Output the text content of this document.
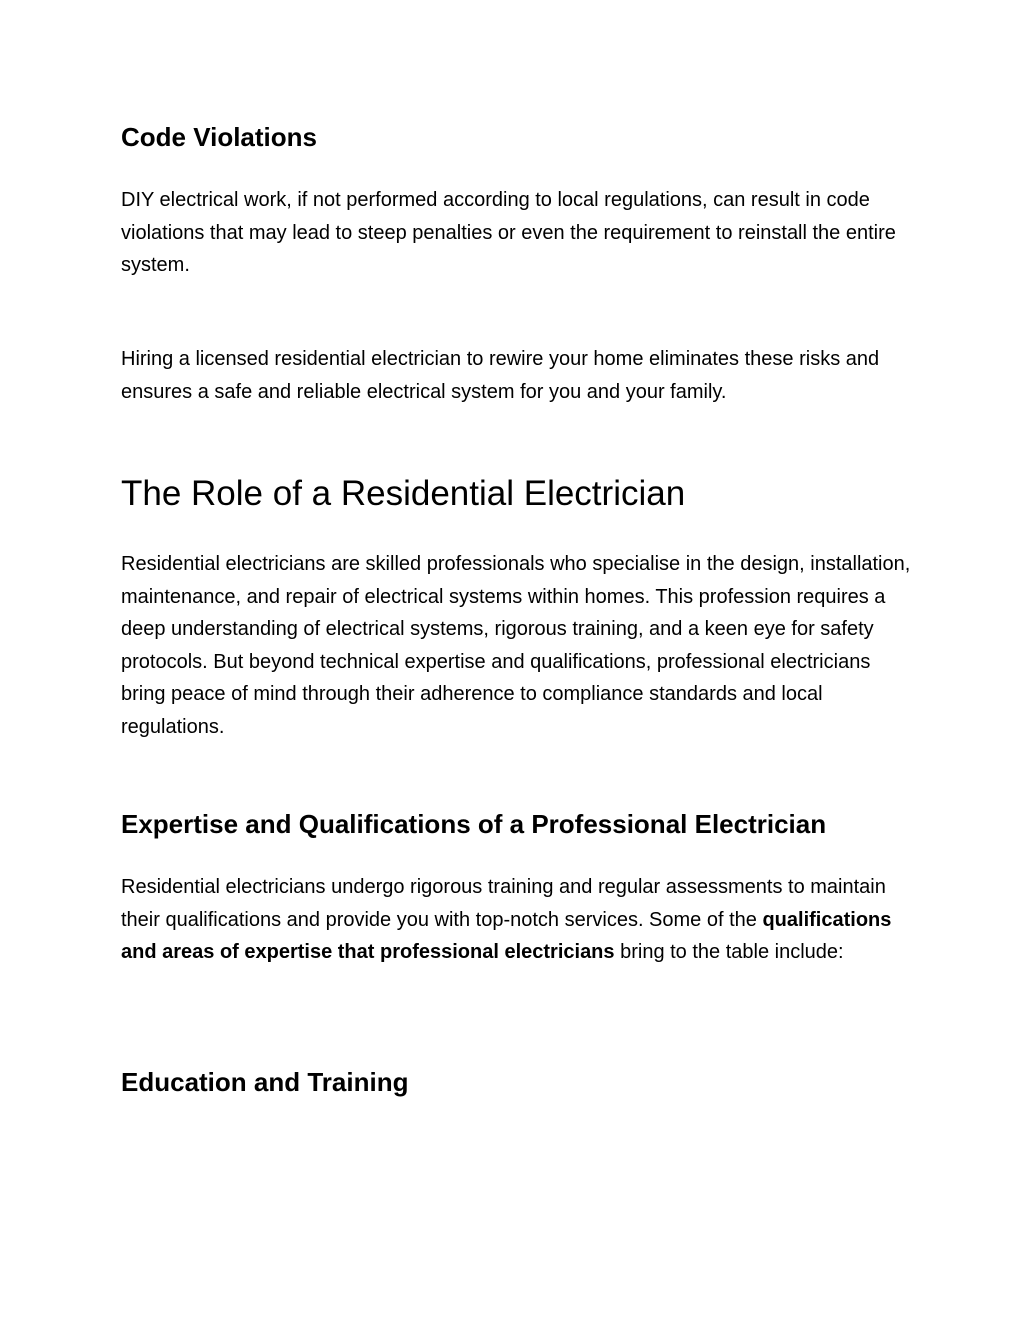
Code Violations

DIY electrical work, if not performed according to local regulations, can result in code violations that may lead to steep penalties or even the requirement to reinstall the entire system.

Hiring a licensed residential electrician to rewire your home eliminates these risks and ensures a safe and reliable electrical system for you and your family.

The Role of a Residential Electrician

Residential electricians are skilled professionals who specialise in the design, installation, maintenance, and repair of electrical systems within homes. This profession requires a deep understanding of electrical systems, rigorous training, and a keen eye for safety protocols. But beyond technical expertise and qualifications, professional electricians bring peace of mind through their adherence to compliance standards and local regulations.

Expertise and Qualifications of a Professional Electrician

Residential electricians undergo rigorous training and regular assessments to maintain their qualifications and provide you with top-notch services. Some of the qualifications and areas of expertise that professional electricians bring to the table include:

Education and Training
